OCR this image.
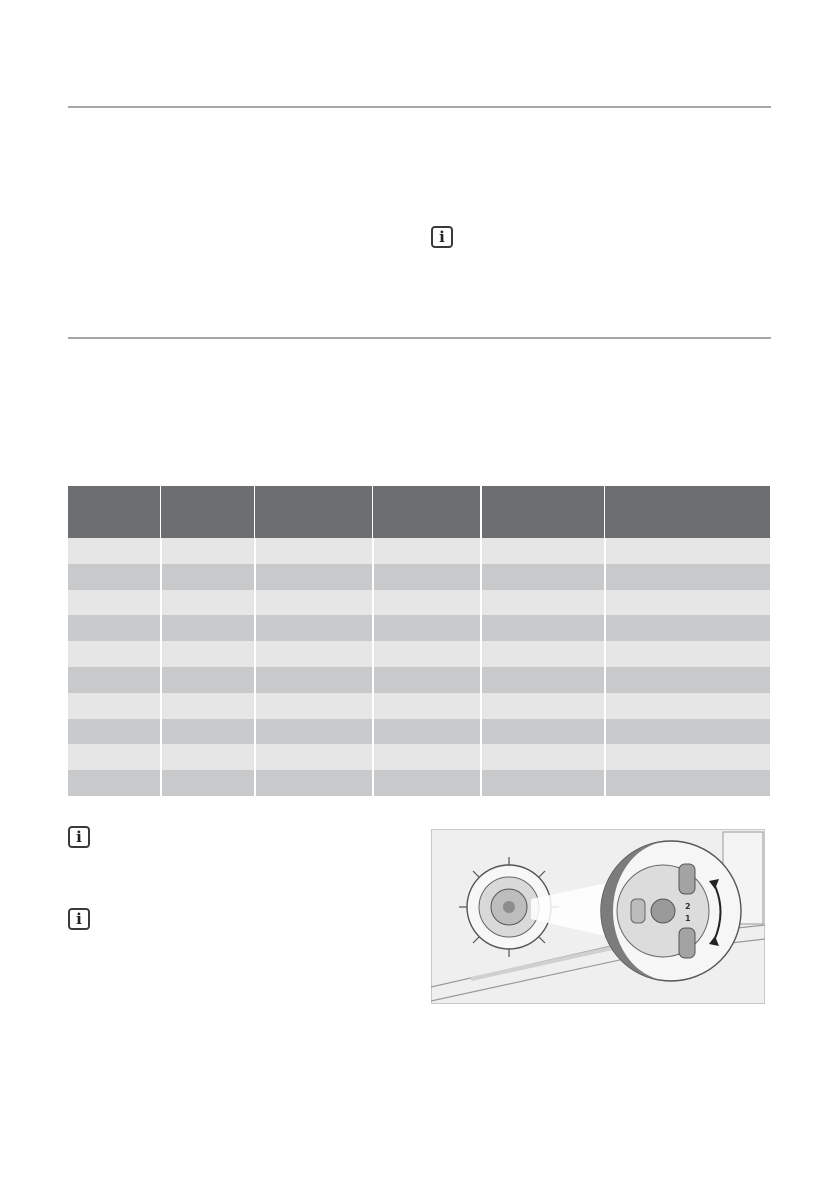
i

i
i
2
1
